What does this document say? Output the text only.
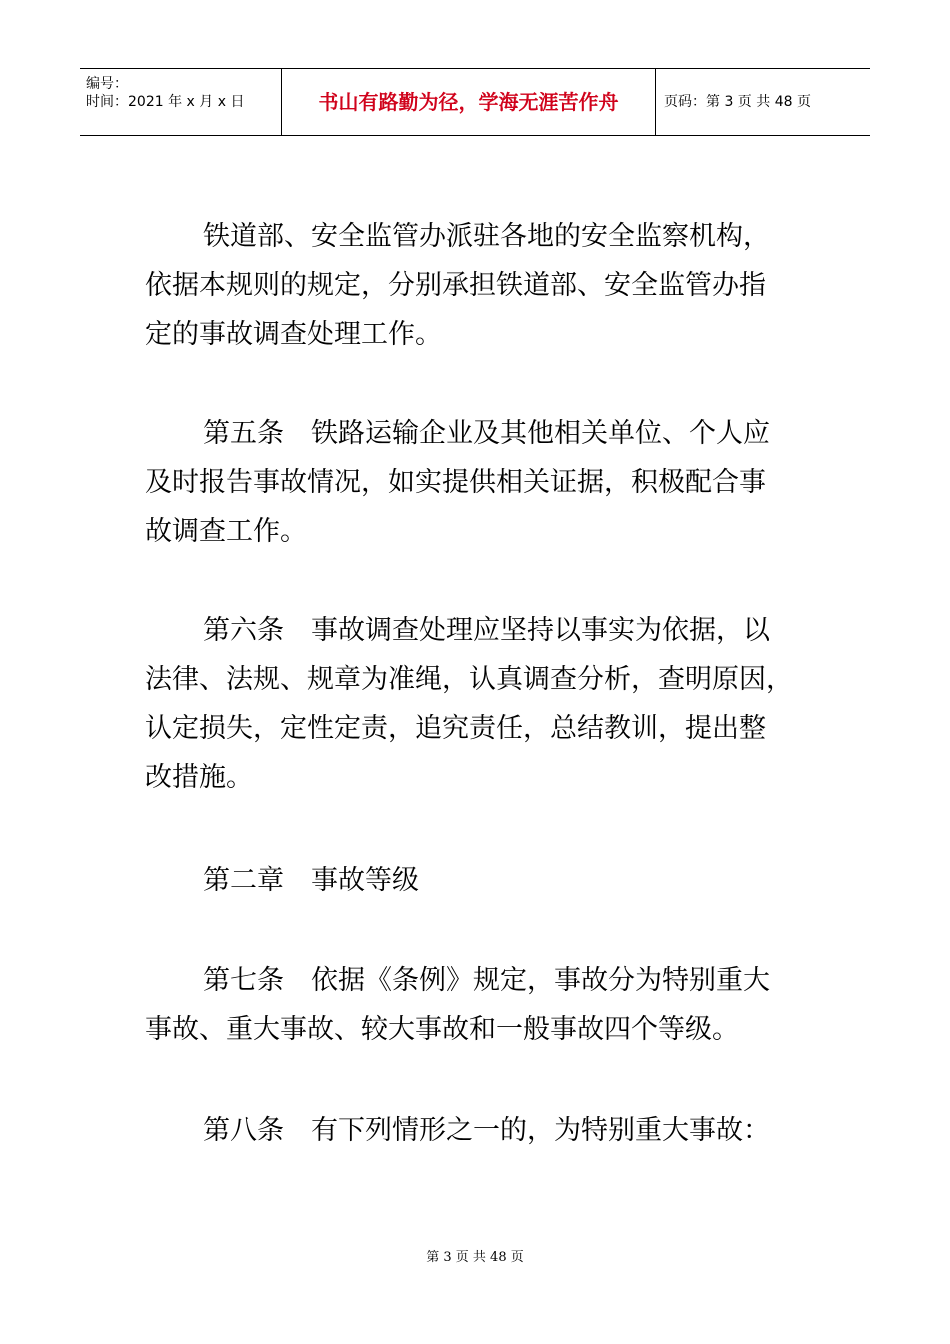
编号：
时间：2021 年 x 月 x 日	书山有路勤为径，学海无涯苦作舟	页码：第 3 页 共 48 页
铁道部、安全监管办派驻各地的安全监察机构，
依据本规则的规定，分别承担铁道部、安全监管办指
定的事故调查处理工作。
第五条　铁路运输企业及其他相关单位、个人应
及时报告事故情况，如实提供相关证据，积极配合事
故调查工作。
第六条　事故调查处理应坚持以事实为依据，以
法律、法规、规章为准绳，认真调查分析，查明原因，
认定损失，定性定责，追究责任，总结教训，提出整
改措施。
第二章　事故等级
第七条　依据《条例》规定，事故分为特别重大
事故、重大事故、较大事故和一般事故四个等级。
第八条　有下列情形之一的，为特别重大事故：
第 3 页 共 48 页
